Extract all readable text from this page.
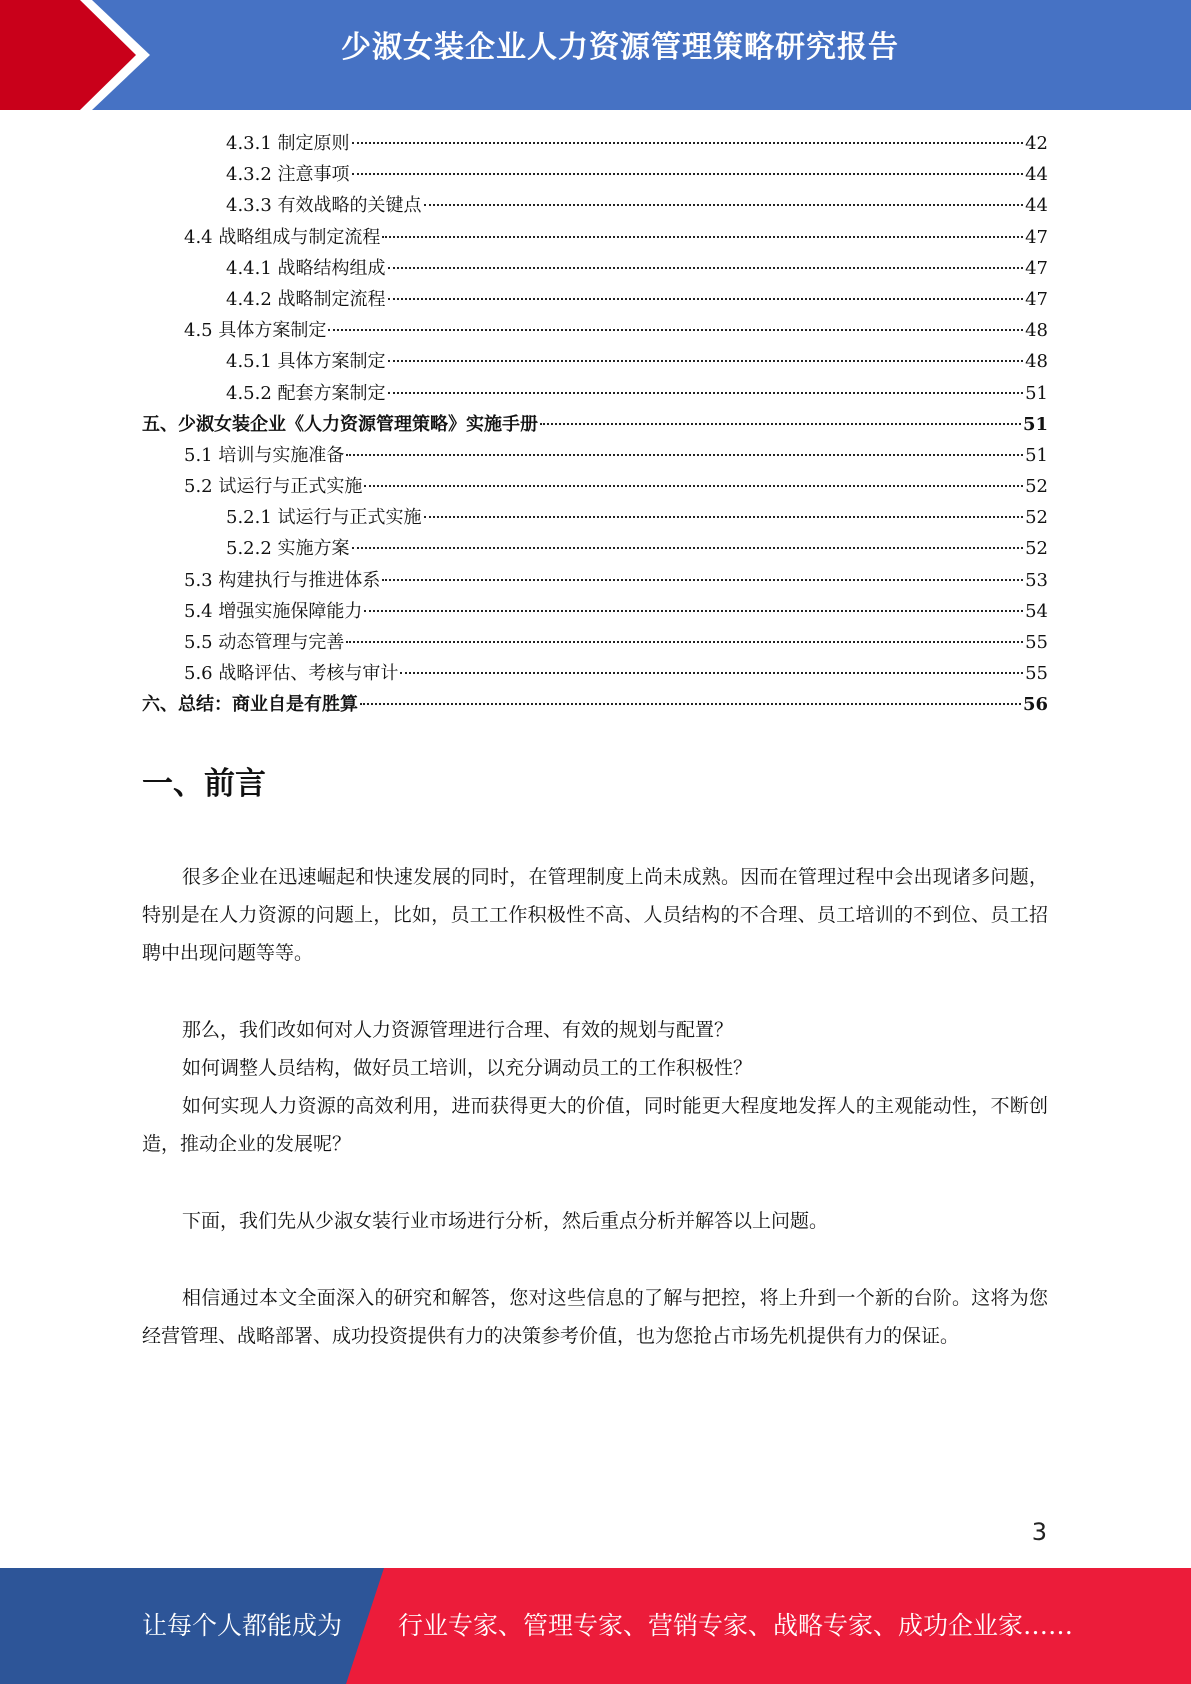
少淑女装企业人力资源管理策略研究报告
4.3.1 制定原则	42
4.3.2 注意事项	44
4.3.3 有效战略的关键点	44
4.4 战略组成与制定流程	47
4.4.1 战略结构组成	47
4.4.2 战略制定流程	47
4.5 具体方案制定	48
4.5.1 具体方案制定	48
4.5.2 配套方案制定	51
五、少淑女装企业《人力资源管理策略》实施手册	51
5.1 培训与实施准备	51
5.2 试运行与正式实施	52
5.2.1 试运行与正式实施	52
5.2.2 实施方案	52
5.3 构建执行与推进体系	53
5.4 增强实施保障能力	54
5.5 动态管理与完善	55
5.6 战略评估、考核与审计	55
六、总结：商业自是有胜算	56
一、前言

很多企业在迅速崛起和快速发展的同时，在管理制度上尚未成熟。因而在管理过程中会出现诸多问题，特别是在人力资源的问题上，比如，员工工作积极性不高、人员结构的不合理、员工培训的不到位、员工招聘中出现问题等等。

那么，我们改如何对人力资源管理进行合理、有效的规划与配置？

如何调整人员结构，做好员工培训，以充分调动员工的工作积极性？

如何实现人力资源的高效利用，进而获得更大的价值，同时能更大程度地发挥人的主观能动性，不断创造，推动企业的发展呢？

下面，我们先从少淑女装行业市场进行分析，然后重点分析并解答以上问题。

相信通过本文全面深入的研究和解答，您对这些信息的了解与把控，将上升到一个新的台阶。这将为您经营管理、战略部署、成功投资提供有力的决策参考价值，也为您抢占市场先机提供有力的保证。

3
让每个人都能成为 行业专家、管理专家、营销专家、战略专家、成功企业家……
